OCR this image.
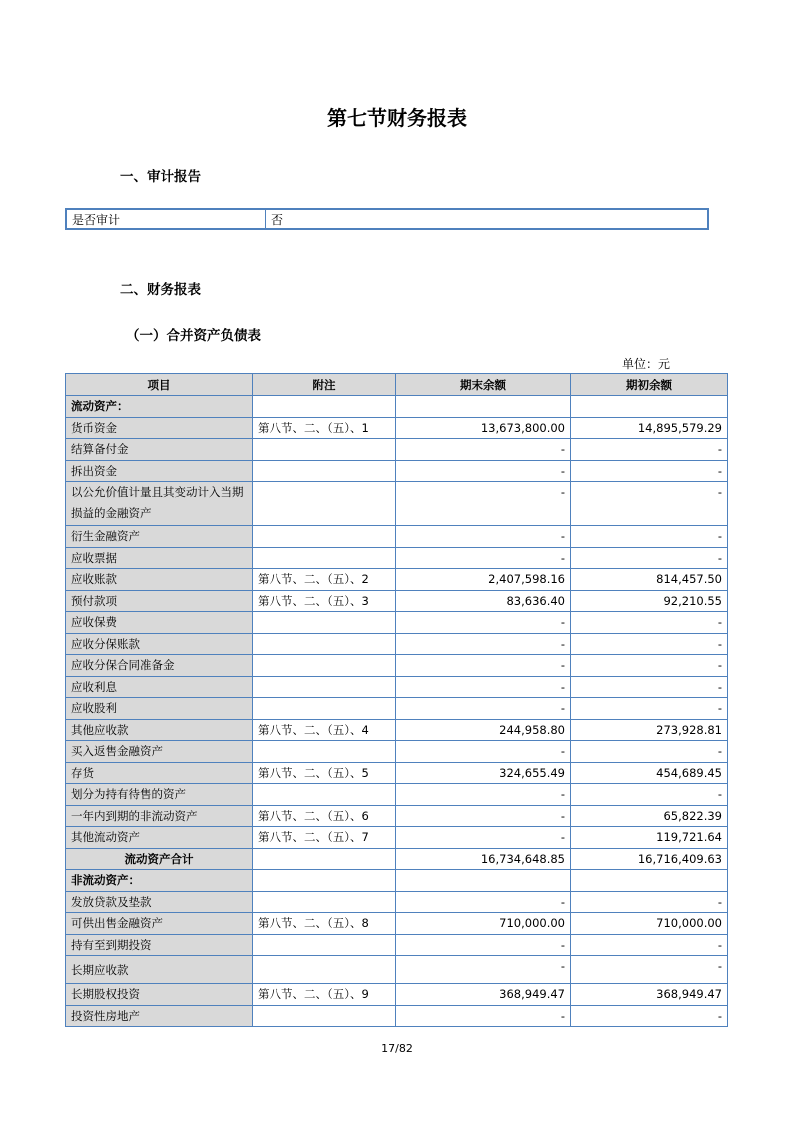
第七节财务报表
一、审计报告
是否审计	否
二、财务报表
（一）合并资产负债表
单位：元
项目	附注	期末余额	期初余额
流动资产：			
货币资金	第八节、二、（五）、1	13,673,800.00	14,895,579.29
结算备付金		-	-
拆出资金		-	-
以公允价值计量且其变动计入当期损益的金融资产		-	-
衍生金融资产		-	-
应收票据		-	-
应收账款	第八节、二、（五）、2	2,407,598.16	814,457.50
预付款项	第八节、二、（五）、3	83,636.40	92,210.55
应收保费		-	-
应收分保账款		-	-
应收分保合同准备金		-	-
应收利息		-	-
应收股利		-	-
其他应收款	第八节、二、（五）、4	244,958.80	273,928.81
买入返售金融资产		-	-
存货	第八节、二、（五）、5	324,655.49	454,689.45
划分为持有待售的资产		-	-
一年内到期的非流动资产	第八节、二、（五）、6	-	65,822.39
其他流动资产	第八节、二、（五）、7	-	119,721.64
流动资产合计		16,734,648.85	16,716,409.63
非流动资产：			
发放贷款及垫款		-	-
可供出售金融资产	第八节、二、（五）、8	710,000.00	710,000.00
持有至到期投资		-	-
长期应收款		-	-
长期股权投资	第八节、二、（五）、9	368,949.47	368,949.47
投资性房地产		-	-
17/82
